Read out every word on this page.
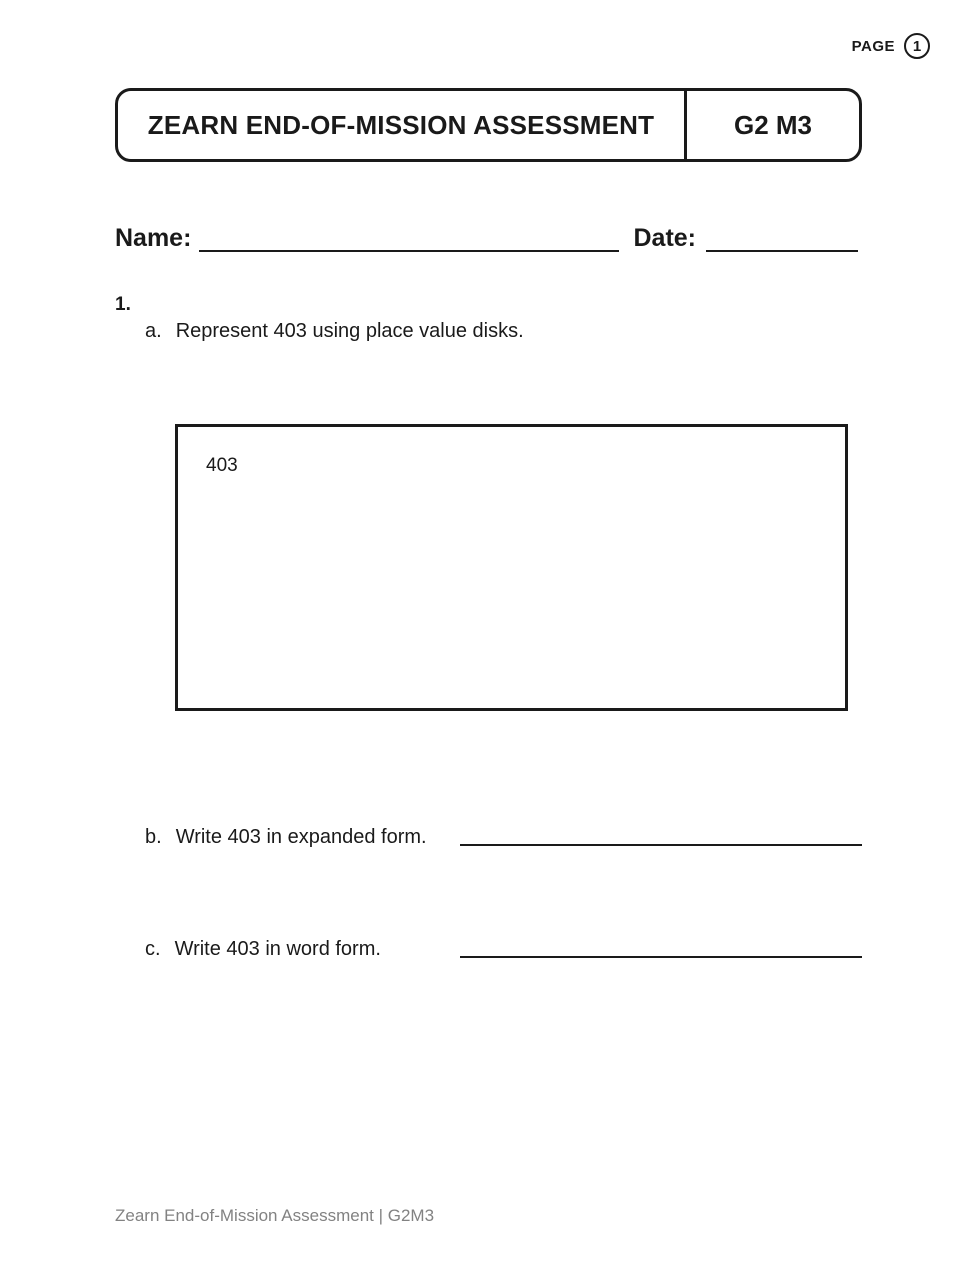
PAGE 1
ZEARN END-OF-MISSION ASSESSMENT	G2 M3
Name:	Date:
1.
a. Represent 403 using place value disks.
403
b. Write 403 in expanded form.
c. Write 403 in word form.
Zearn End-of-Mission Assessment | G2M3
